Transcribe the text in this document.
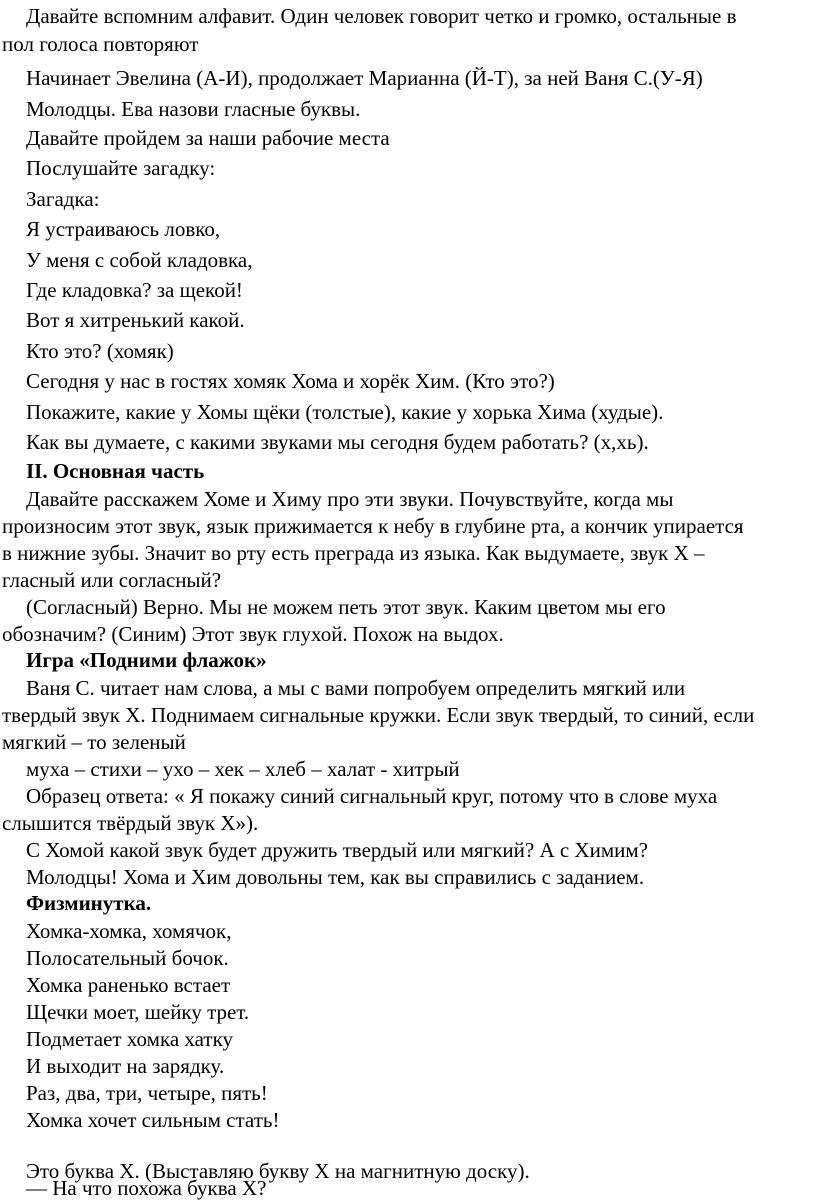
Давайте вспомним алфавит. Один человек говорит четко и громко, остальные в
пол голоса повторяют
Начинает Эвелина (А-И), продолжает Марианна (Й-Т), за ней Ваня С.(У-Я)
Молодцы. Ева назови гласные буквы.
Давайте пройдем за наши рабочие места
Послушайте загадку:
Загадка:
Я устраиваюсь ловко,
У меня с собой кладовка,
Где кладовка? за щекой!
Вот я хитренький какой.
Кто это? (хомяк)
Сегодня у нас в гостях хомяк Хома и хорёк Хим. (Кто это?)
Покажите, какие у Хомы щёки (толстые), какие у хорька Хима (худые).
Как вы думаете, с какими звуками мы сегодня будем работать? (х,хь).
II. Основная часть
Давайте расскажем Хоме и Химу про эти звуки. Почувствуйте, когда мы
произносим этот звук, язык прижимается к небу в глубине рта, а кончик упирается
в нижние зубы. Значит во рту есть преграда из языка. Как выдумаете, звук Х –
гласный или согласный?
(Согласный) Верно. Мы не можем петь этот звук. Каким цветом мы его
обозначим? (Синим) Этот звук глухой. Похож на выдох.
Игра «Подними флажок»
Ваня С. читает нам слова, а мы с вами попробуем определить мягкий или
твердый звук Х. Поднимаем сигнальные кружки. Если звук твердый, то синий, если
мягкий – то зеленый
муха – стихи – ухо – хек – хлеб – халат - хитрый
Образец ответа: « Я покажу синий сигнальный круг, потому что в слове муха
слышится твёрдый звук Х»).
С Хомой какой звук будет дружить твердый или мягкий? А с Химим?
Молодцы! Хома и Хим довольны тем, как вы справились с заданием.
Физминутка.
Хомка-хомка, хомячок,
Полосательный бочок.
Хомка раненько встает
Щечки моет, шейку трет.
Подметает хомка хатку
И выходит на зарядку.
Раз, два, три, четыре, пять!
Хомка хочет сильным стать!
Это буква Х. (Выставляю букву Х на магнитную доску).
— На что похожа буква Х?
